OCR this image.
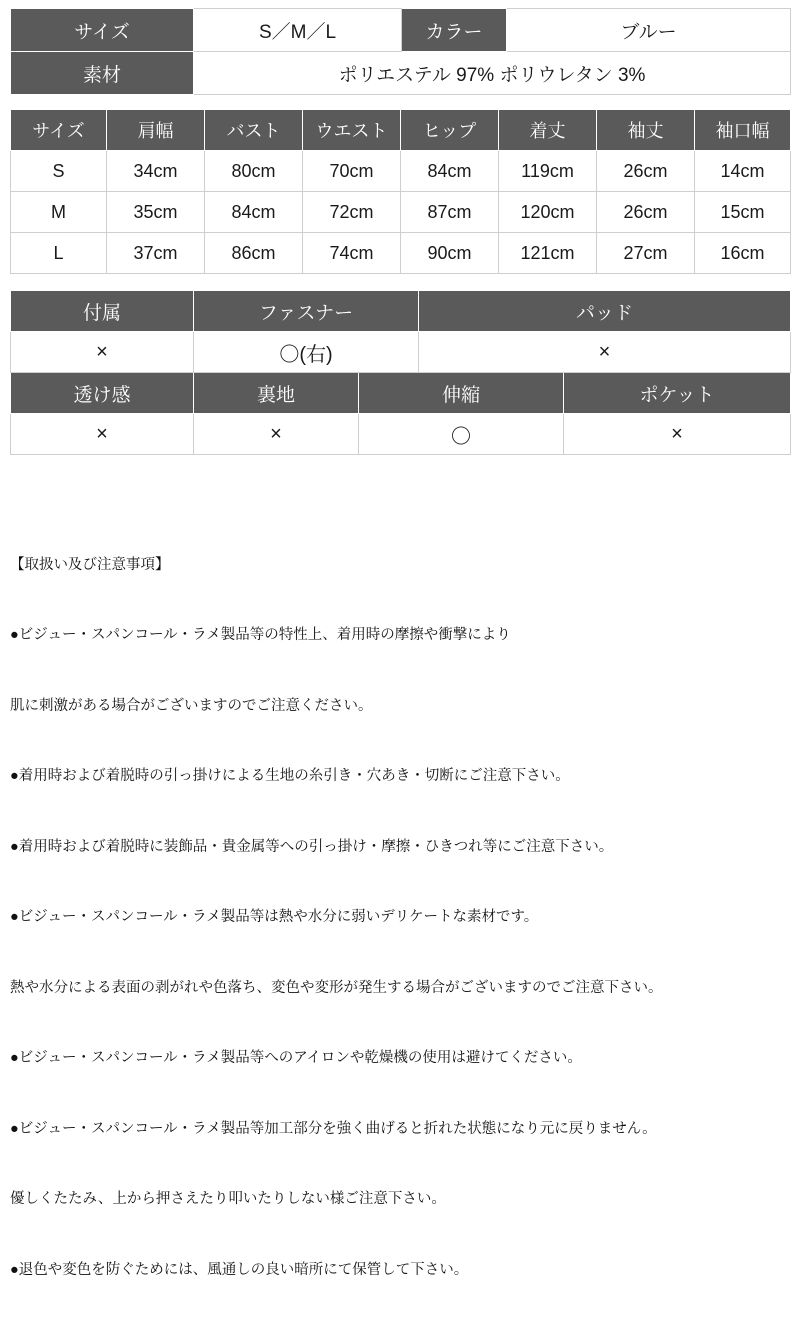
サイズ	S／M／L	カラー	ブルー
素材	ポリエステル 97% ポリウレタン 3%		
サイズ	肩幅	バスト	ウエスト	ヒップ	着丈	袖丈	袖口幅
S	34cm	80cm	70cm	84cm	119cm	26cm	14cm
M	35cm	84cm	72cm	87cm	120cm	26cm	15cm
L	37cm	86cm	74cm	90cm	121cm	27cm	16cm
付属	ファスナー		パッド	
×	〇(右)		×	
透け感	裏地	伸縮		ポケット
×	×	〇		×

【取扱い及び注意事項】

●ビジュー・スパンコール・ラメ製品等の特性上、着用時の摩擦や衝撃により

肌に刺激がある場合がございますのでご注意ください。

●着用時および着脱時の引っ掛けによる生地の糸引き・穴あき・切断にご注意下さい。

●着用時および着脱時に装飾品・貴金属等への引っ掛け・摩擦・ひきつれ等にご注意下さい。

●ビジュー・スパンコール・ラメ製品等は熱や水分に弱いデリケートな素材です。

熱や水分による表面の剥がれや色落ち、変色や変形が発生する場合がございますのでご注意下さい。

●ビジュー・スパンコール・ラメ製品等へのアイロンや乾燥機の使用は避けてください。

●ビジュー・スパンコール・ラメ製品等加工部分を強く曲げると折れた状態になり元に戻りません。

優しくたたみ、上から押さえたり叩いたりしない様ご注意下さい。

●退色や変色を防ぐためには、風通しの良い暗所にて保管して下さい。
